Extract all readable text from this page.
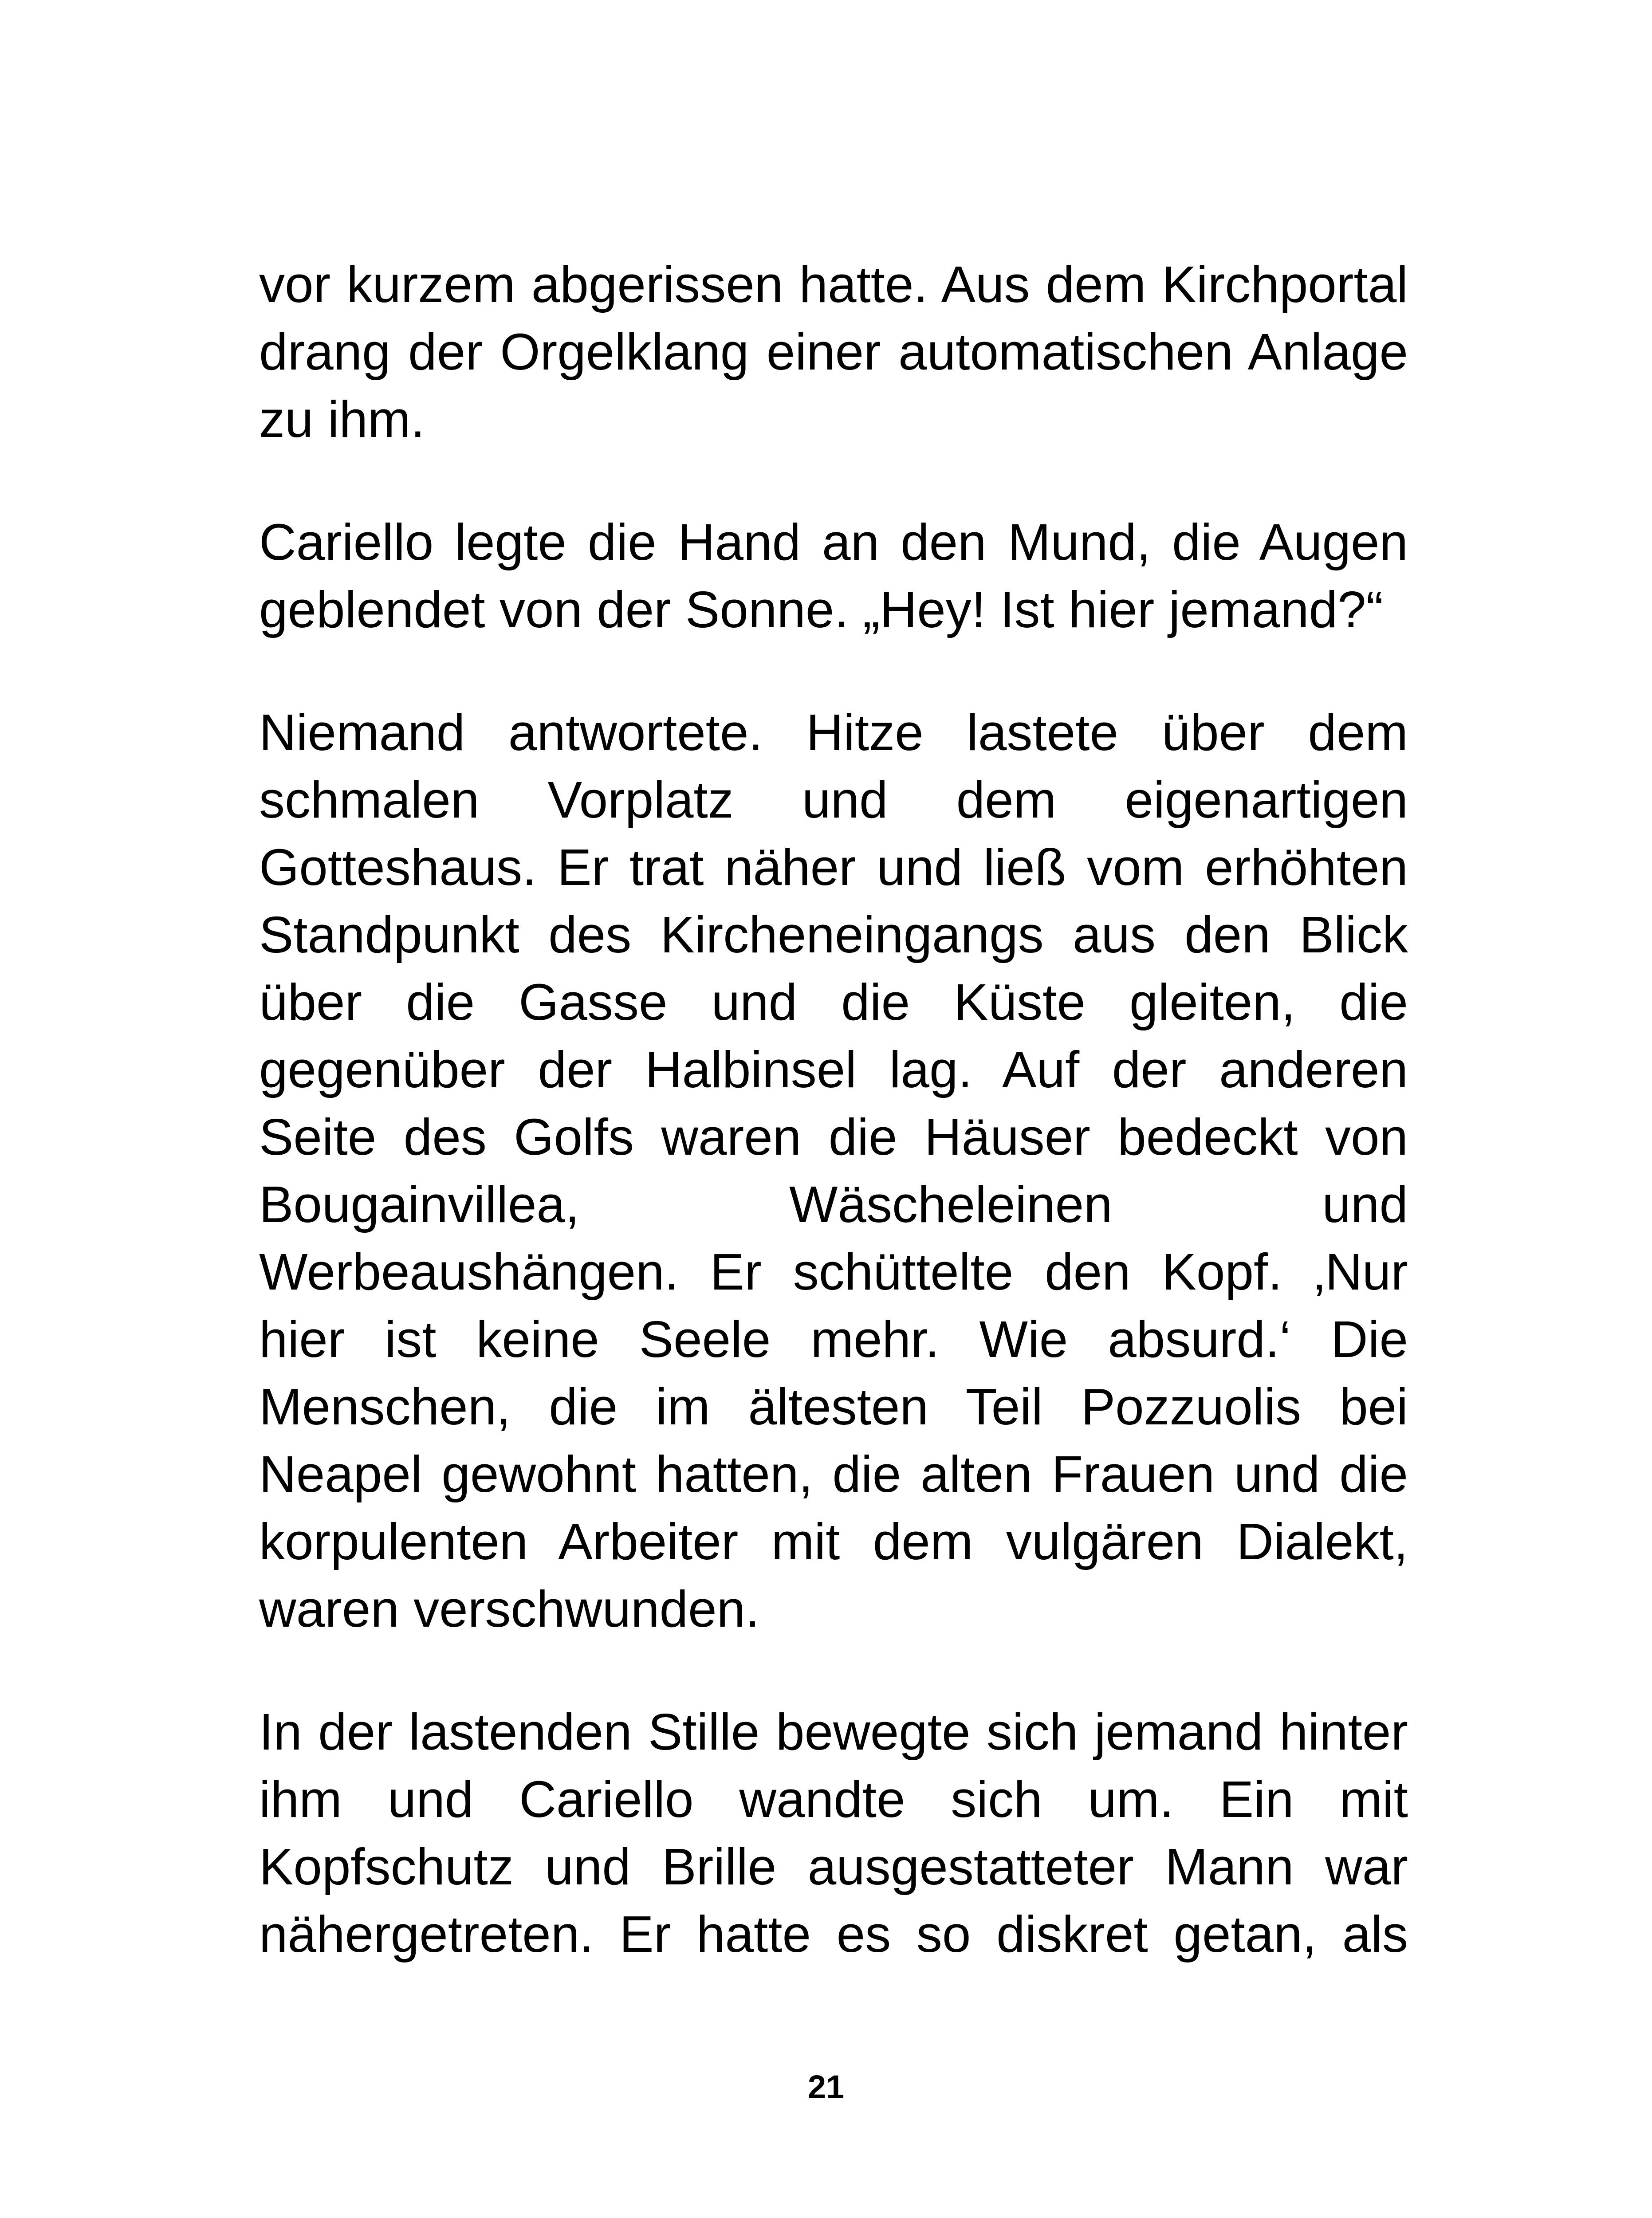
vor kurzem abgerissen hatte. Aus dem Kirchportal drang der Orgelklang einer automatischen Anlage zu ihm.

Cariello legte die Hand an den Mund, die Augen geblendet von der Sonne. „Hey! Ist hier jemand?“

Niemand antwortete. Hitze lastete über dem schmalen Vorplatz und dem eigenartigen Gotteshaus. Er trat näher und ließ vom erhöhten Standpunkt des Kircheneingangs aus den Blick über die Gasse und die Küste gleiten, die gegenüber der Halbinsel lag. Auf der anderen Seite des Golfs waren die Häuser bedeckt von Bougainvillea, Wäscheleinen und Werbeaushängen. Er schüttelte den Kopf. ‚Nur hier ist keine Seele mehr. Wie absurd.‘ Die Menschen, die im ältesten Teil Pozzuolis bei Neapel gewohnt hatten, die alten Frauen und die korpulenten Arbeiter mit dem vulgären Dialekt, waren verschwunden.

In der lastenden Stille bewegte sich jemand hinter ihm und Cariello wandte sich um. Ein mit Kopfschutz und Brille ausgestatteter Mann war nähergetreten. Er hatte es so diskret getan, als

21
